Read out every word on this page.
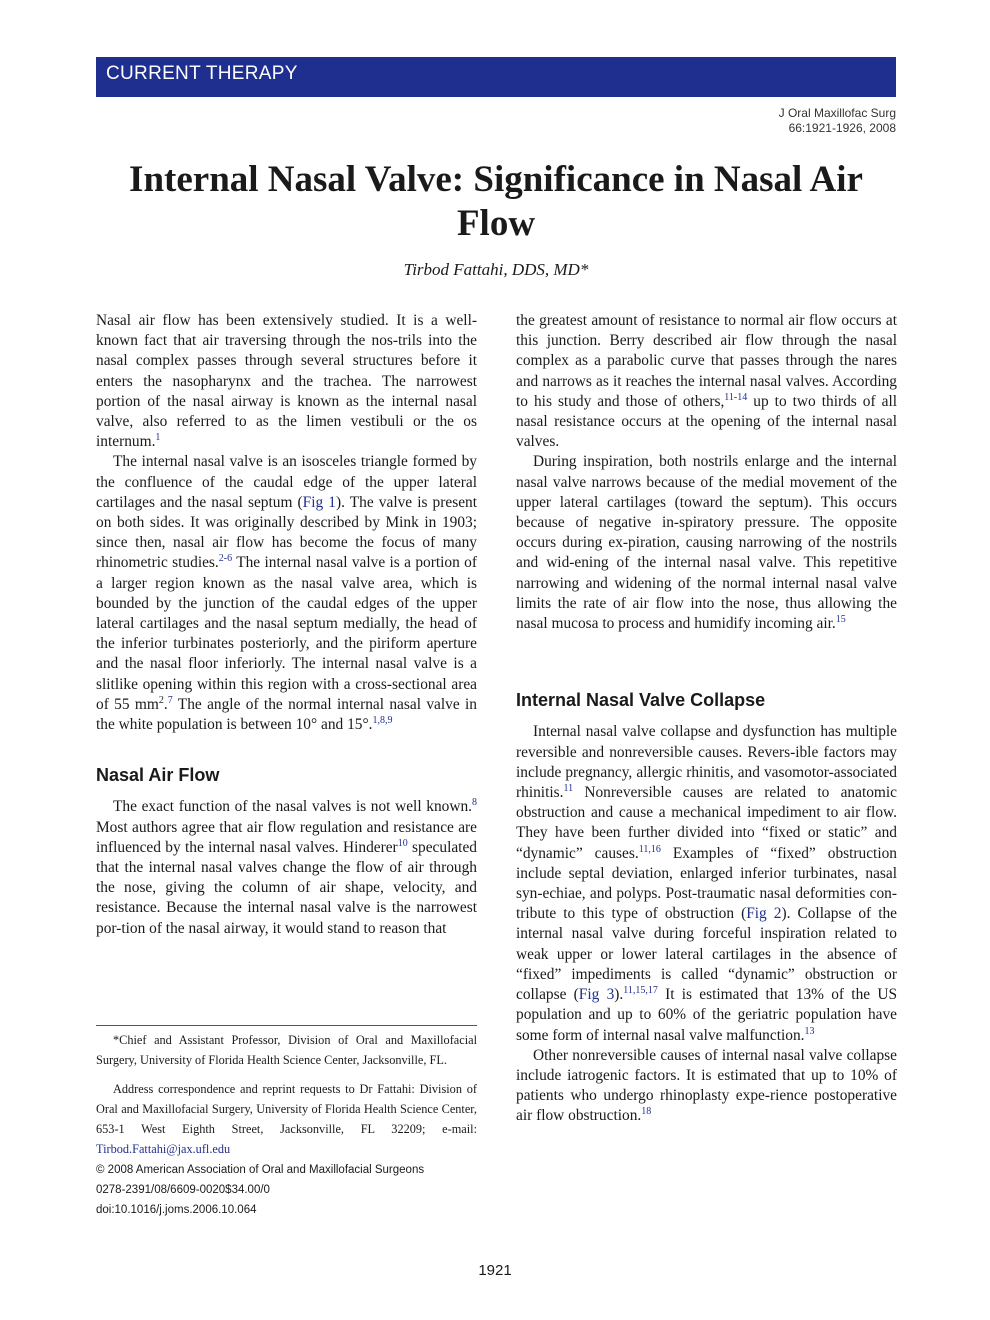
CURRENT THERAPY
J Oral Maxillofac Surg
66:1921-1926, 2008
Internal Nasal Valve: Significance in Nasal Air Flow
Tirbod Fattahi, DDS, MD*

Nasal air flow has been extensively studied. It is a well-known fact that air traversing through the nos-trils into the nasal complex passes through several structures before it enters the nasopharynx and the trachea. The narrowest portion of the nasal airway is known as the internal nasal valve, also referred to as the limen vestibuli or the os internum.$^1$

The internal nasal valve is an isosceles triangle formed by the confluence of the caudal edge of the upper lateral cartilages and the nasal septum (Fig 1). The valve is present on both sides. It was originally described by Mink in 1903; since then, nasal air flow has become the focus of many rhinometric studies.$^{2-6}$ The internal nasal valve is a portion of a larger region known as the nasal valve area, which is bounded by the junction of the caudal edges of the upper lateral cartilages and the nasal septum medially, the head of the inferior turbinates posteriorly, and the piriform aperture and the nasal floor inferiorly. The internal nasal valve is a slitlike opening within this region with a cross-sectional area of 55 $mm^2.^7$ The angle of the normal internal nasal valve in the white population is between 10° and 15°.$^{1,8,9}$

Nasal Air Flow

The exact function of the nasal valves is not well known.$^8$ Most authors agree that air flow regulation and resistance are influenced by the internal nasal valves. Hinderer$^{10}$ speculated that the internal nasal valves change the flow of air through the nose, giving the column of air shape, velocity, and resistance. Because the internal nasal valve is the narrowest por-tion of the nasal airway, it would stand to reason that

the greatest amount of resistance to normal air flow occurs at this junction. Berry described air flow through the nasal complex as a parabolic curve that passes through the nares and narrows as it reaches the internal nasal valves. According to his study and those of others,$^{11-14}$ up to two thirds of all nasal resistance occurs at the opening of the internal nasal valves.

During inspiration, both nostrils enlarge and the internal nasal valve narrows because of the medial movement of the upper lateral cartilages (toward the septum). This occurs because of negative in-spiratory pressure. The opposite occurs during ex-piration, causing narrowing of the nostrils and wid-ening of the internal nasal valve. This repetitive narrowing and widening of the normal internal nasal valve limits the rate of air flow into the nose, thus allowing the nasal mucosa to process and humidify incoming air.$^{15}$

Internal Nasal Valve Collapse

Internal nasal valve collapse and dysfunction has multiple reversible and nonreversible causes. Revers-ible factors may include pregnancy, allergic rhinitis, and vasomotor-associated rhinitis.$^{11}$ Nonreversible causes are related to anatomic obstruction and cause a mechanical impediment to air flow. They have been further divided into “fixed or static” and “dynamic” causes.$^{11,16}$ Examples of “fixed” obstruction include septal deviation, enlarged inferior turbinates, nasal syn-echiae, and polyps. Post-traumatic nasal deformities con-tribute to this type of obstruction (Fig 2). Collapse of the internal nasal valve during forceful inspiration related to weak upper or lower lateral cartilages in the absence of “fixed” impediments is called “dynamic” obstruction or collapse (Fig 3).$^{11,15,17}$ It is estimated that 13% of the US population and up to 60% of the geriatric population have some form of internal nasal valve malfunction.$^{13}$

Other nonreversible causes of internal nasal valve collapse include iatrogenic factors. It is estimated that up to 10% of patients who undergo rhinoplasty expe-rience postoperative air flow obstruction.$^{18}$

*Chief and Assistant Professor, Division of Oral and Maxillofacial Surgery, University of Florida Health Science Center, Jacksonville, FL.

Address correspondence and reprint requests to Dr Fattahi: Division of Oral and Maxillofacial Surgery, University of Florida Health Science Center, 653-1 West Eighth Street, Jacksonville, FL 32209; e-mail: Tirbod.Fattahi@jax.ufl.edu

© 2008 American Association of Oral and Maxillofacial Surgeons

0278-2391/08/6609-0020$34.00/0

doi:10.1016/j.joms.2006.10.064

1921
